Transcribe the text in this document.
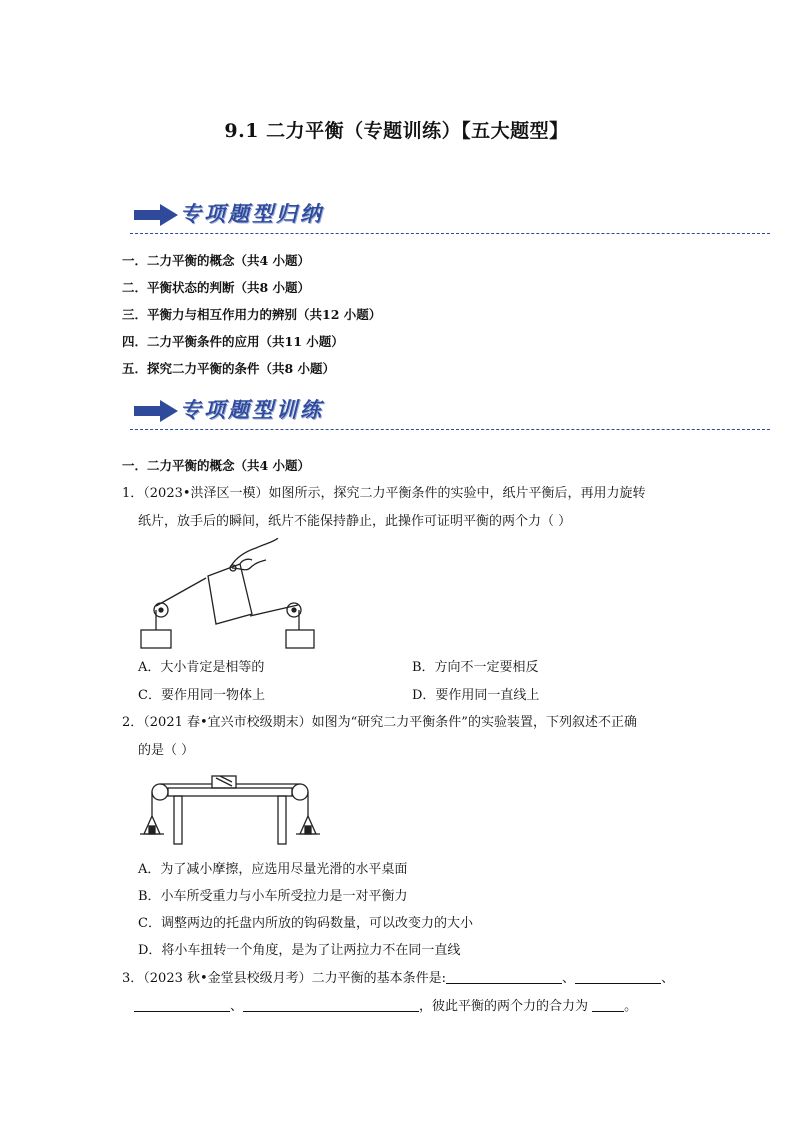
9.1 二力平衡（专题训练）【五大题型】
专项题型归纳
一．二力平衡的概念（共4 小题）
二．平衡状态的判断（共8 小题）
三．平衡力与相互作用力的辨别（共12 小题）
四．二力平衡条件的应用（共11 小题）
五．探究二力平衡的条件（共8 小题）
专项题型训练
一．二力平衡的概念（共4 小题）
1．（2023•洪泽区一模）如图所示，探究二力平衡条件的实验中，纸片平衡后，再用力旋转
纸片，放手后的瞬间，纸片不能保持静止，此操作可证明平衡的两个力（ ）
A．大小肯定是相等的	B．方向不一定要相反
C．要作用同一物体上	D．要作用同一直线上
2．（2021 春•宜兴市校级期末）如图为“研究二力平衡条件”的实验装置，下列叙述不正确
的是（ ）
A．为了减小摩擦，应选用尽量光滑的水平桌面
B．小车所受重力与小车所受拉力是一对平衡力
C．调整两边的托盘内所放的钩码数量，可以改变力的大小
D．将小车扭转一个角度，是为了让两拉力不在同一直线
3．（2023 秋•金堂县校级月考）二力平衡的基本条件是:	、	、
、	，彼此平衡的两个力的合力为	。
